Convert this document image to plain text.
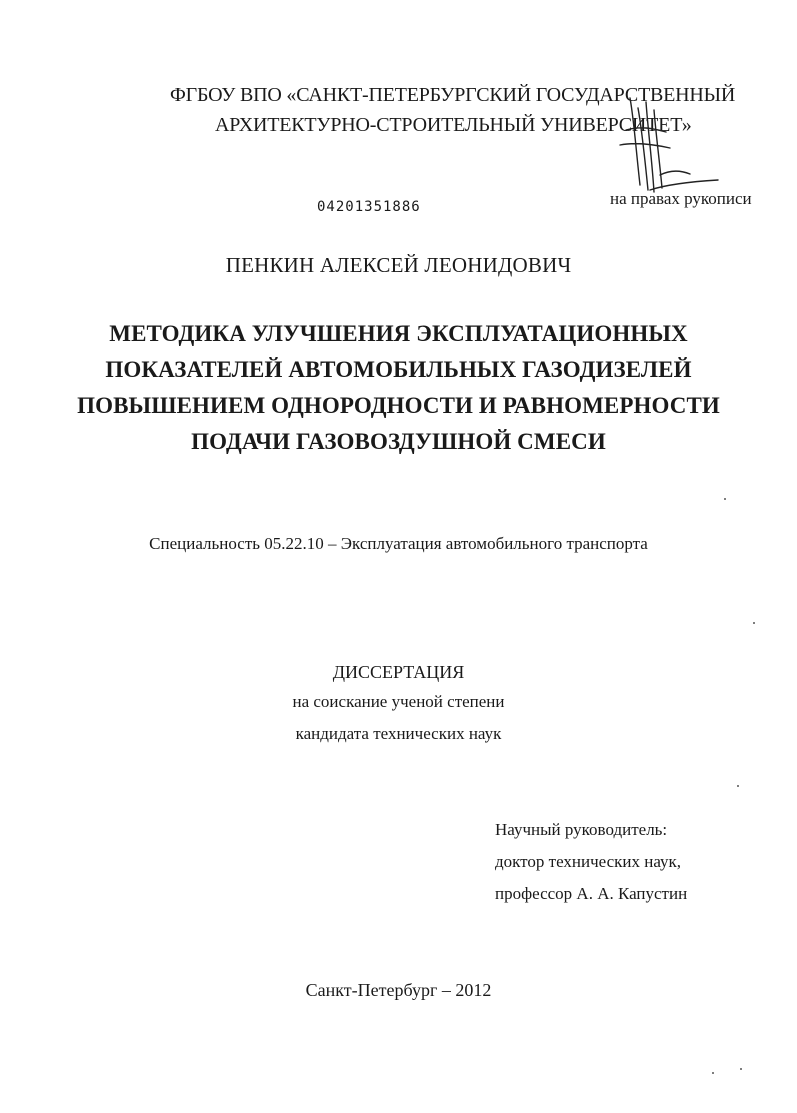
ФГБОУ ВПО «САНКТ-ПЕТЕРБУРГСКИЙ ГОСУДАРСТВЕННЫЙ
АРХИТЕКТУРНО-СТРОИТЕЛЬНЫЙ УНИВЕРСИТЕТ»
04201351886	на правах рукописи
ПЕНКИН АЛЕКСЕЙ ЛЕОНИДОВИЧ
МЕТОДИКА УЛУЧШЕНИЯ ЭКСПЛУАТАЦИОННЫХ
ПОКАЗАТЕЛЕЙ АВТОМОБИЛЬНЫХ ГАЗОДИЗЕЛЕЙ
ПОВЫШЕНИЕМ ОДНОРОДНОСТИ И РАВНОМЕРНОСТИ
ПОДАЧИ ГАЗОВОЗДУШНОЙ СМЕСИ
Специальность 05.22.10 – Эксплуатация автомобильного транспорта
ДИССЕРТАЦИЯ
на соискание ученой степени
кандидата технических наук
Научный руководитель:
доктор технических наук,
профессор А. А. Капустин
Санкт-Петербург – 2012
